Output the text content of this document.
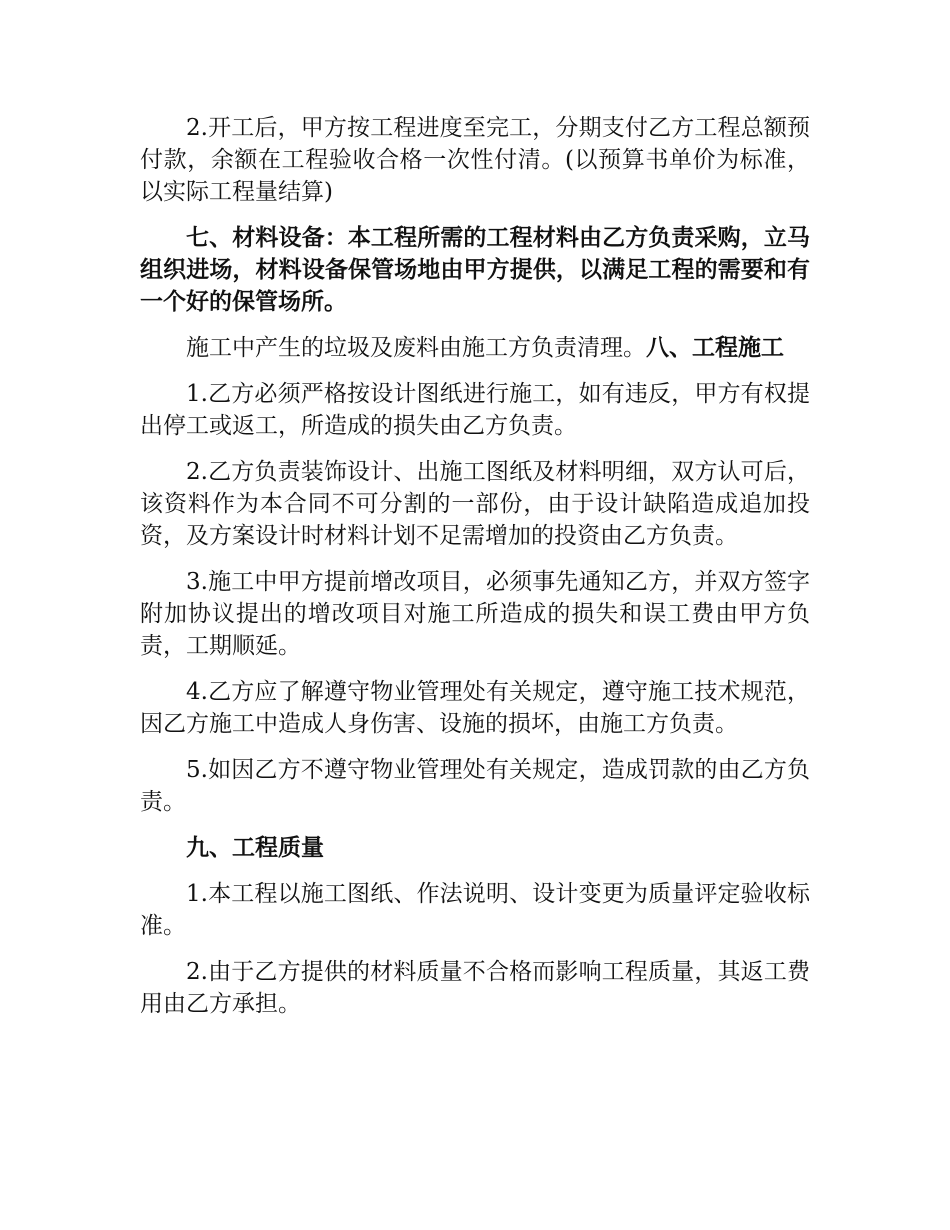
2.开工后，甲方按工程进度至完工，分期支付乙方工程总额预付款，余额在工程验收合格一次性付清。(以预算书单价为标准，以实际工程量结算)

七、材料设备：本工程所需的工程材料由乙方负责采购，立马组织进场，材料设备保管场地由甲方提供，以满足工程的需要和有一个好的保管场所。

施工中产生的垃圾及废料由施工方负责清理。八、工程施工

1.乙方必须严格按设计图纸进行施工，如有违反，甲方有权提出停工或返工，所造成的损失由乙方负责。

2.乙方负责装饰设计、出施工图纸及材料明细，双方认可后，该资料作为本合同不可分割的一部份，由于设计缺陷造成追加投资，及方案设计时材料计划不足需增加的投资由乙方负责。

3.施工中甲方提前增改项目，必须事先通知乙方，并双方签字附加协议提出的增改项目对施工所造成的损失和误工费由甲方负责，工期顺延。

4.乙方应了解遵守物业管理处有关规定，遵守施工技术规范，因乙方施工中造成人身伤害、设施的损坏，由施工方负责。

5.如因乙方不遵守物业管理处有关规定，造成罚款的由乙方负责。

九、工程质量

1.本工程以施工图纸、作法说明、设计变更为质量评定验收标准。

2.由于乙方提供的材料质量不合格而影响工程质量，其返工费用由乙方承担。
